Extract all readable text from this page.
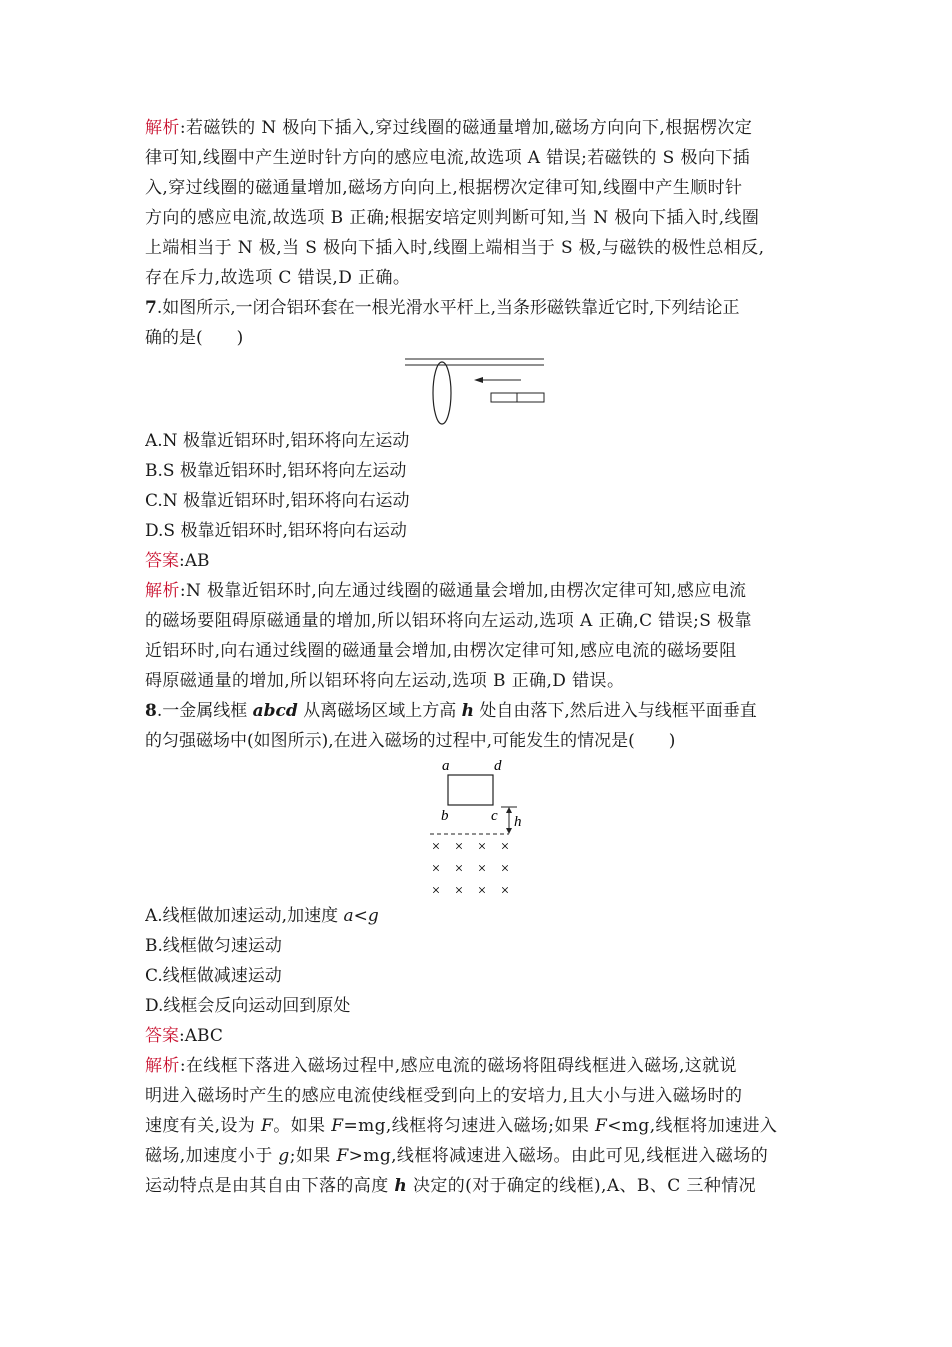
解析:若磁铁的 N 极向下插入,穿过线圈的磁通量增加,磁场方向向下,根据楞次定
律可知,线圈中产生逆时针方向的感应电流,故选项 A 错误;若磁铁的 S 极向下插
入,穿过线圈的磁通量增加,磁场方向向上,根据楞次定律可知,线圈中产生顺时针
方向的感应电流,故选项 B 正确;根据安培定则判断可知,当 N 极向下插入时,线圈
上端相当于 N 极,当 S 极向下插入时,线圈上端相当于 S 极,与磁铁的极性总相反,
存在斥力,故选项 C 错误,D 正确。
7.如图所示,一闭合铝环套在一根光滑水平杆上,当条形磁铁靠近它时,下列结论正
确的是(　　)
A.N 极靠近铝环时,铝环将向左运动
B.S 极靠近铝环时,铝环将向左运动
C.N 极靠近铝环时,铝环将向右运动
D.S 极靠近铝环时,铝环将向右运动
答案:AB
解析:N 极靠近铝环时,向左通过线圈的磁通量会增加,由楞次定律可知,感应电流
的磁场要阻碍原磁通量的增加,所以铝环将向左运动,选项 A 正确,C 错误;S 极靠
近铝环时,向右通过线圈的磁通量会增加,由楞次定律可知,感应电流的磁场要阻
碍原磁通量的增加,所以铝环将向左运动,选项 B 正确,D 错误。
8.一金属线框 abcd 从离磁场区域上方高 h 处自由落下,然后进入与线框平面垂直
的匀强磁场中(如图所示),在进入磁场的过程中,可能发生的情况是(　　)
a	d
b	c h
× × × ×
× × × ×
× × × ×
A.线框做加速运动,加速度 a<g
B.线框做匀速运动
C.线框做减速运动
D.线框会反向运动回到原处
答案:ABC
解析:在线框下落进入磁场过程中,感应电流的磁场将阻碍线框进入磁场,这就说
明进入磁场时产生的感应电流使线框受到向上的安培力,且大小与进入磁场时的
速度有关,设为 F。如果 F=mg,线框将匀速进入磁场;如果 F<mg,线框将加速进入
磁场,加速度小于 g;如果 F>mg,线框将减速进入磁场。由此可见,线框进入磁场的
运动特点是由其自由下落的高度 h 决定的(对于确定的线框),A、B、C 三种情况
